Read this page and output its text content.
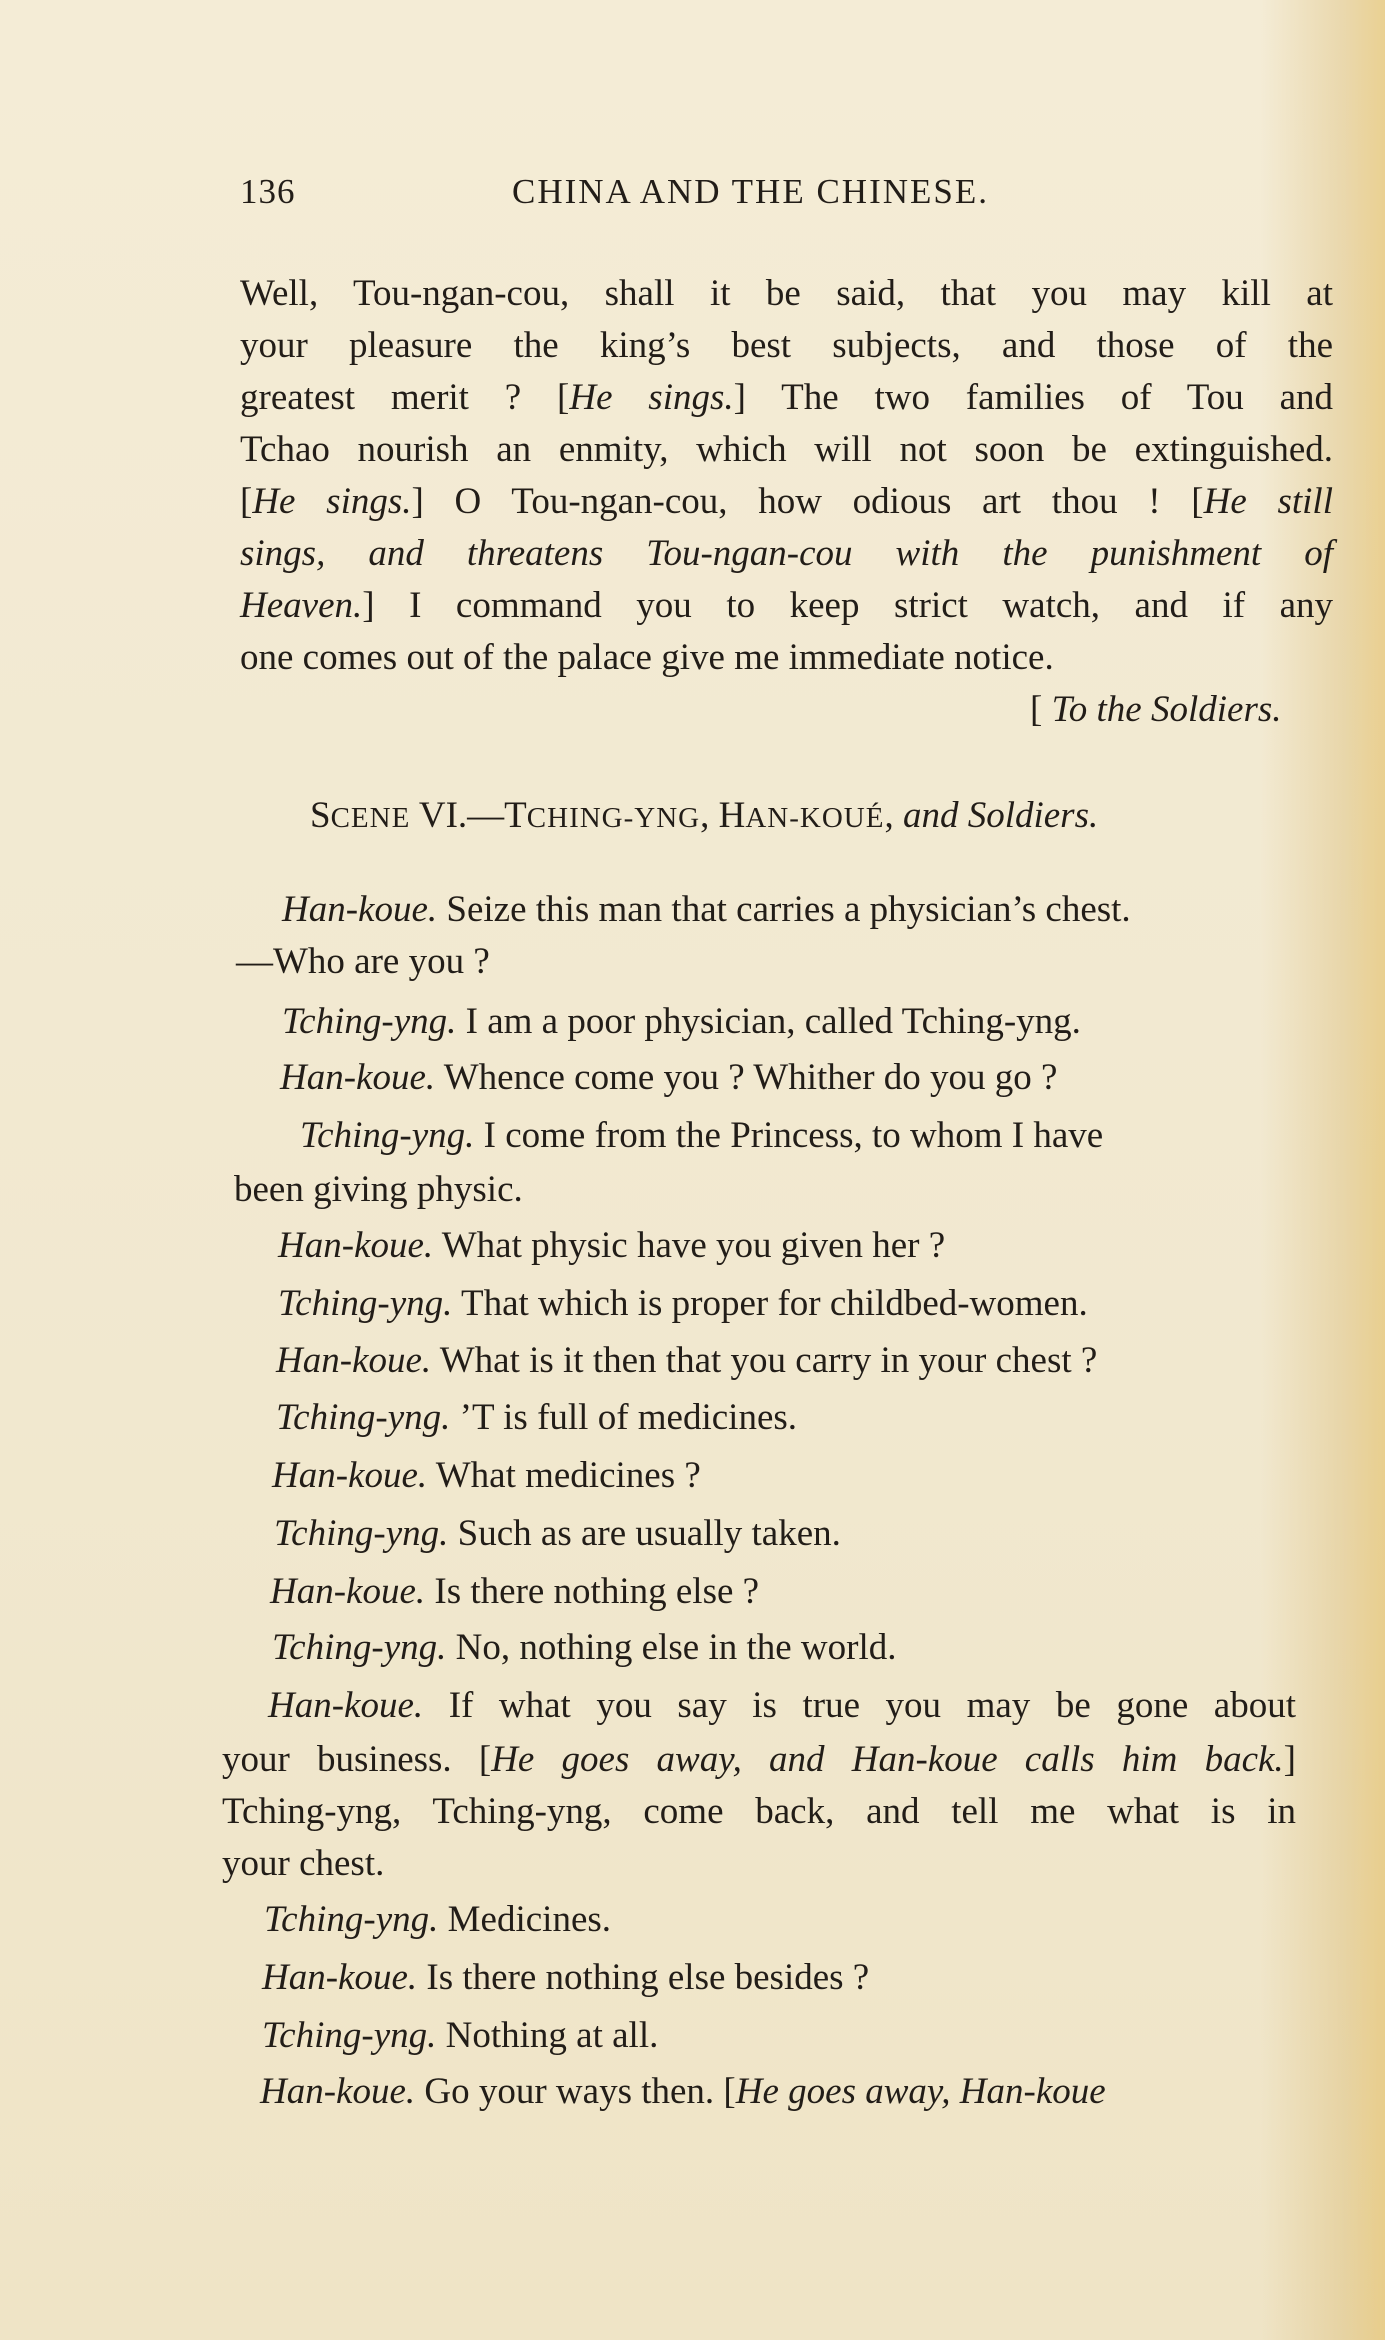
136	CHINA AND THE CHINESE.
Well, Tou-ngan-cou, shall it be said, that you may kill at
your pleasure the king’s best subjects, and those of the
greatest merit ? [He sings.] The two families of Tou and
Tchao nourish an enmity, which will not soon be extinguished.
[He sings.] O Tou-ngan-cou, how odious art thou ! [He still
sings, and threatens Tou-ngan-cou with the punishment of
Heaven.] I command you to keep strict watch, and if any
one comes out of the palace give me immediate notice.
[ To the Soldiers.
SCENE VI.—TCHING-YNG, HAN-KOUÉ, and Soldiers.
Han-koue. Seize this man that carries a physician’s chest.
—Who are you ?
Tching-yng. I am a poor physician, called Tching-yng.
Han-koue. Whence come you ? Whither do you go ?
Tching-yng. I come from the Princess, to whom I have
been giving physic.
Han-koue. What physic have you given her ?
Tching-yng. That which is proper for childbed-women.
Han-koue. What is it then that you carry in your chest ?
Tching-yng. ’T is full of medicines.
Han-koue. What medicines ?
Tching-yng. Such as are usually taken.
Han-koue. Is there nothing else ?
Tching-yng. No, nothing else in the world.
Han-koue. If what you say is true you may be gone about
your business. [He goes away, and Han-koue calls him back.]
Tching-yng, Tching-yng, come back, and tell me what is in
your chest.
Tching-yng. Medicines.
Han-koue. Is there nothing else besides ?
Tching-yng. Nothing at all.
Han-koue. Go your ways then. [He goes away, Han-koue
